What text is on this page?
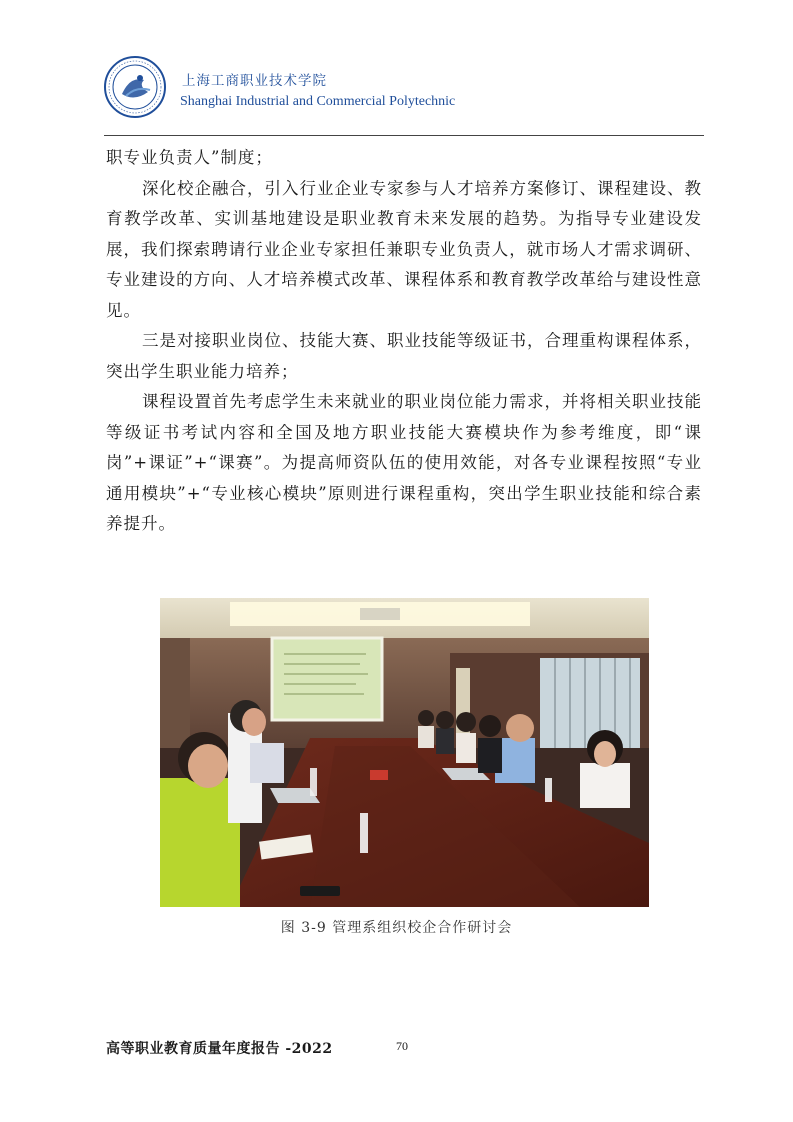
上海工商职业技术学院
Shanghai Industrial and Commercial Polytechnic

职专业负责人”制度；

深化校企融合，引入行业企业专家参与人才培养方案修订、课程建设、教育教学改革、实训基地建设是职业教育未来发展的趋势。为指导专业建设发展，我们探索聘请行业企业专家担任兼职专业负责人，就市场人才需求调研、专业建设的方向、人才培养模式改革、课程体系和教育教学改革给与建设性意见。

三是对接职业岗位、技能大赛、职业技能等级证书，合理重构课程体系，突出学生职业能力培养；

课程设置首先考虑学生未来就业的职业岗位能力需求，并将相关职业技能等级证书考试内容和全国及地方职业技能大赛模块作为参考维度，即“课岗”+课证”+“课赛”。为提高师资队伍的使用效能，对各专业课程按照“专业通用模块”+“专业核心模块”原则进行课程重构，突出学生职业技能和综合素养提升。

图 3-9 管理系组织校企合作研讨会
高等职业教育质量年度报告 -2022	70
